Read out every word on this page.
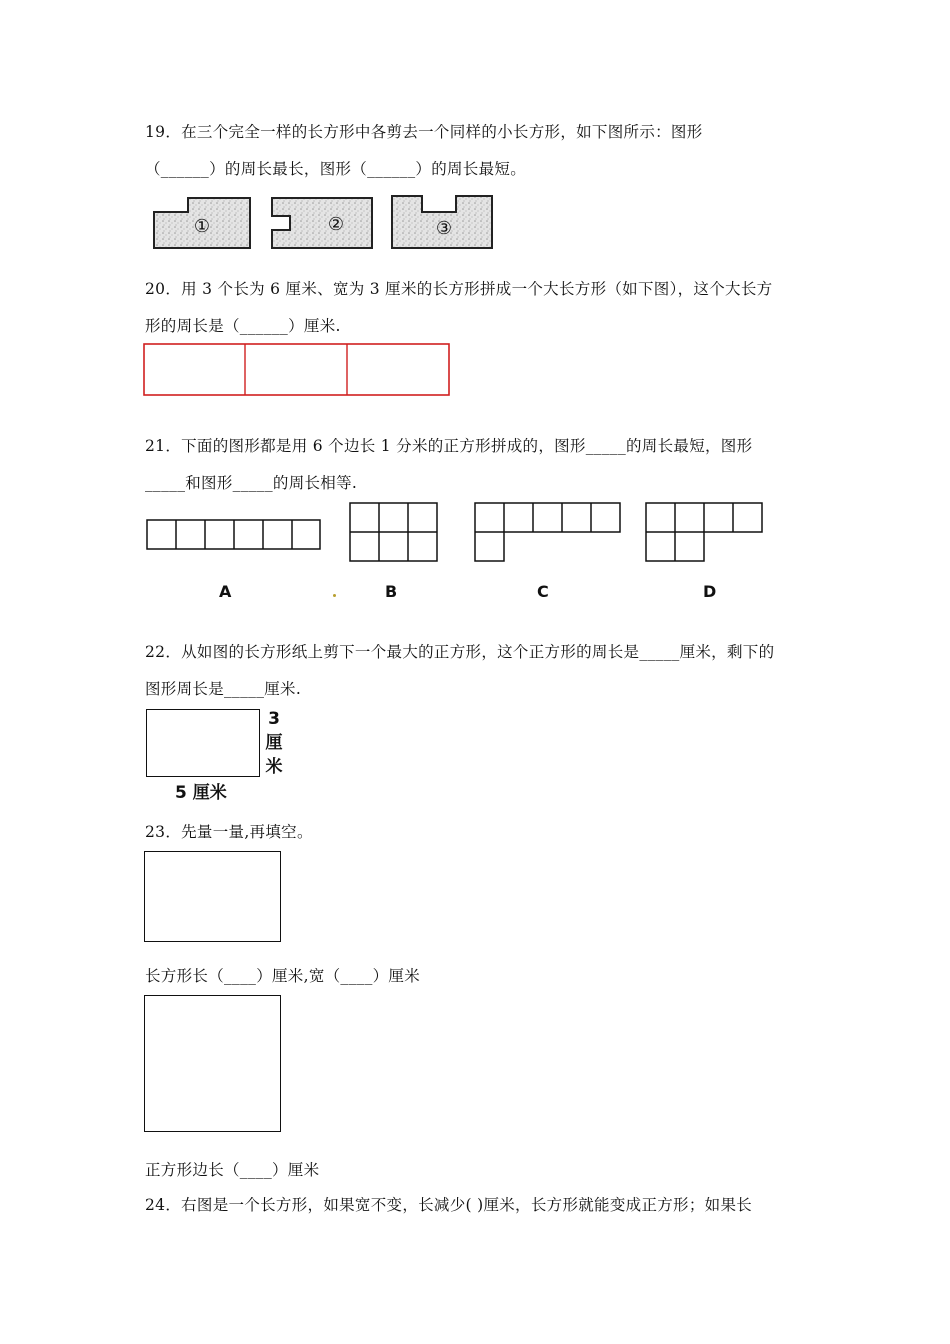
19．在三个完全一样的长方形中各剪去一个同样的小长方形，如下图所示：图形
（______）的周长最长，图形（______）的周长最短。
①	②	③
20．用 3 个长为 6 厘米、宽为 3 厘米的长方形拼成一个大长方形（如下图），这个大长方
形的周长是（______）厘米.
21．下面的图形都是用 6 个边长 1 分米的正方形拼成的，图形_____的周长最短，图形
_____和图形_____的周长相等.
A	B	C	D
22．从如图的长方形纸上剪下一个最大的正方形，这个正方形的周长是_____厘米，剩下的
图形周长是_____厘米.
3
厘
米
5 厘米
23．先量一量,再填空。
长方形长（____）厘米,宽（____）厘米
正方形边长（____）厘米
24．右图是一个长方形，如果宽不变，长减少( )厘米，长方形就能变成正方形；如果长
